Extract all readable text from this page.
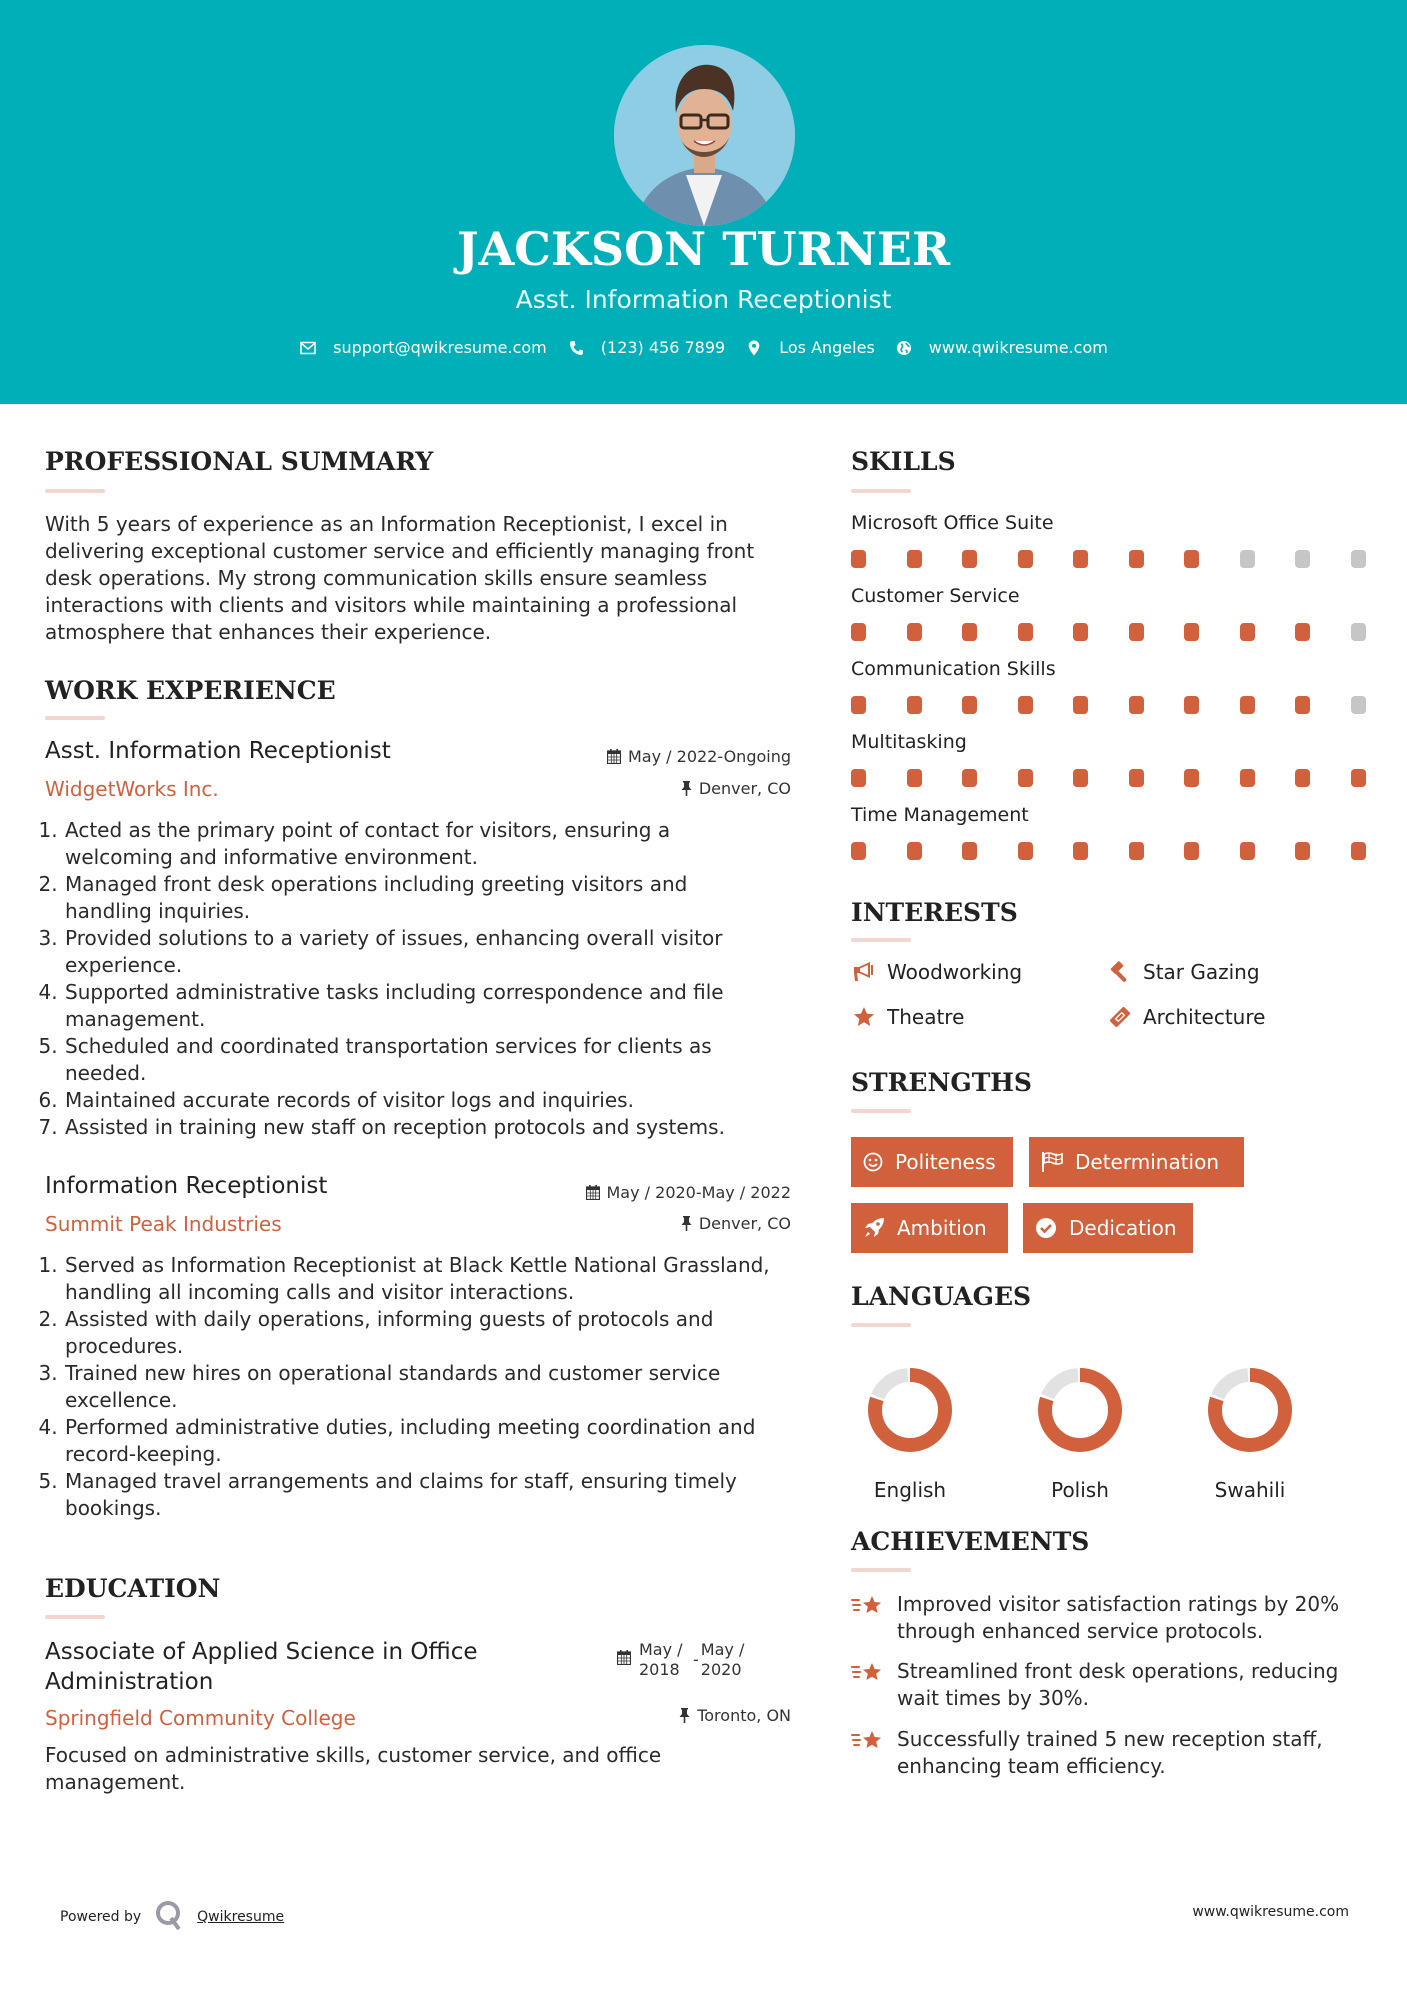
JACKSON TURNER
Asst. Information Receptionist
support@qwikresume.com	(123) 456 7899	Los Angeles	www.qwikresume.com
PROFESSIONAL SUMMARY
With 5 years of experience as an Information Receptionist, I excel in delivering exceptional customer service and efficiently managing front desk operations. My strong communication skills ensure seamless interactions with clients and visitors while maintaining a professional atmosphere that enhances their experience.
WORK EXPERIENCE
Asst. Information Receptionist	May / 2022-Ongoing
WidgetWorks Inc.	Denver, CO
1. Acted as the primary point of contact for visitors, ensuring a welcoming and informative environment.
2. Managed front desk operations including greeting visitors and handling inquiries.
3. Provided solutions to a variety of issues, enhancing overall visitor experience.
4. Supported administrative tasks including correspondence and file management.
5. Scheduled and coordinated transportation services for clients as needed.
6. Maintained accurate records of visitor logs and inquiries.
7. Assisted in training new staff on reception protocols and systems.
Information Receptionist	May / 2020-May / 2022
Summit Peak Industries	Denver, CO
1. Served as Information Receptionist at Black Kettle National Grassland, handling all incoming calls and visitor interactions.
2. Assisted with daily operations, informing guests of protocols and procedures.
3. Trained new hires on operational standards and customer service excellence.
4. Performed administrative duties, including meeting coordination and record-keeping.
5. Managed travel arrangements and claims for staff, ensuring timely bookings.
EDUCATION
Associate of Applied Science in Office Administration
May / 2018
-
May / 2020
Springfield Community College	Toronto, ON
Focused on administrative skills, customer service, and office management.
SKILLS
Microsoft Office Suite
Customer Service
Communication Skills
Multitasking
Time Management
INTERESTS
Woodworking	Star Gazing
Theatre	Architecture
STRENGTHS
Politeness	Determination
Ambition	Dedication
LANGUAGES
English	Polish	Swahili
ACHIEVEMENTS
Improved visitor satisfaction ratings by 20% through enhanced service protocols.
Streamlined front desk operations, reducing wait times by 30%.
Successfully trained 5 new reception staff, enhancing team efficiency.
Powered by	Qwikresume	www.qwikresume.com
